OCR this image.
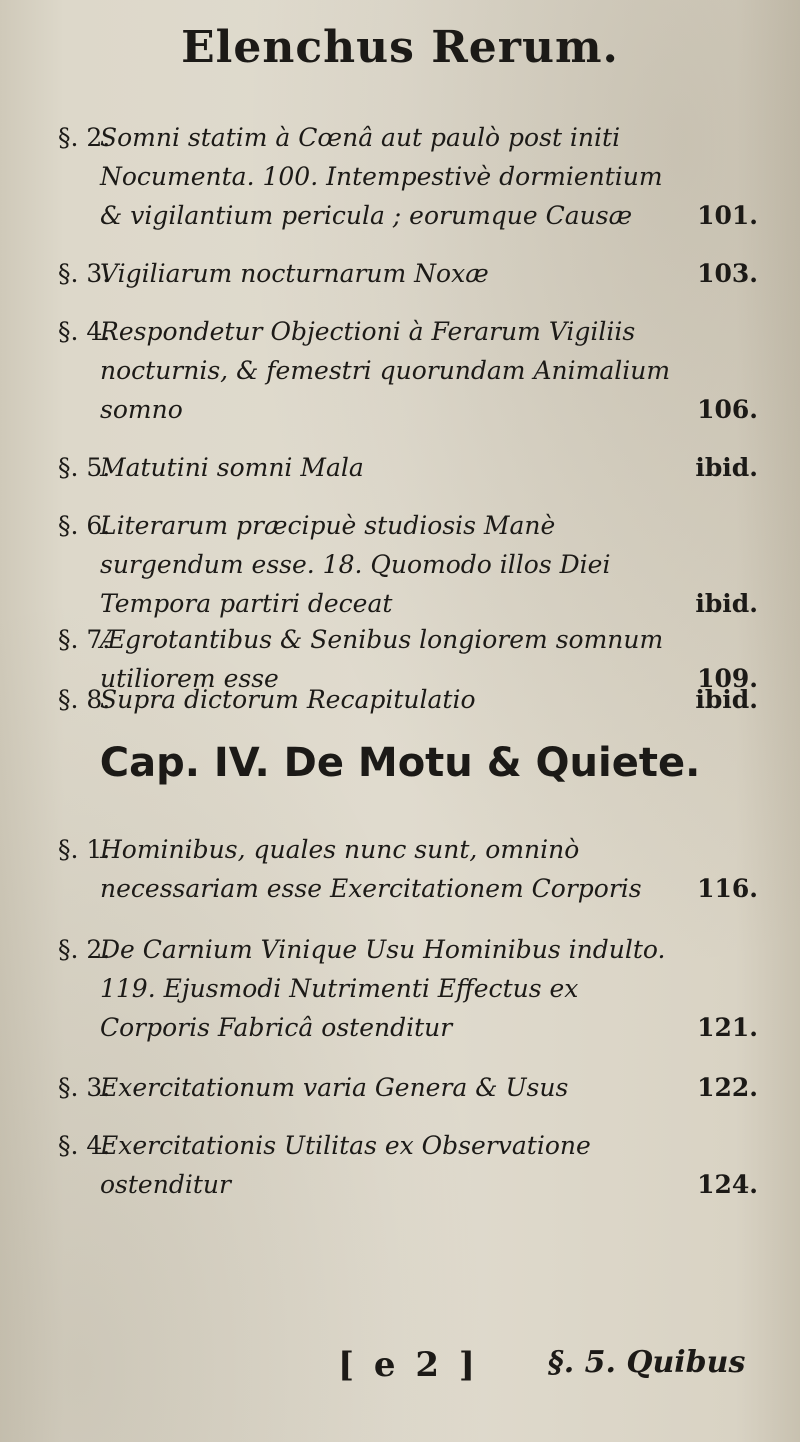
Elenchus Rerum.
§. 2.
Somni statim à Cœnâ aut paulò post initi Nocumenta. 100. Intempestivè dormientium & vigilantium pericula ; eorumque Causæ	101.
§. 3.
Vigiliarum nocturnarum Noxæ	103.
§. 4.
Respondetur Objectioni à Ferarum Vigiliis nocturnis, & femestri quorundam Animalium somno	106.
§. 5.
Matutini somni Mala	ibid.
§. 6.
Literarum præcipuè studiosis Manè surgendum esse. 18. Quomodo illos Diei Tempora partiri deceat	ibid.
§. 7.
Ægrotantibus & Senibus longiorem somnum utiliorem esse	109.
§. 8.
Supra dictorum Recapitulatio	ibid.
Cap. IV. De Motu & Quiete.
§. 1.
Hominibus, quales nunc sunt, omninò necessariam esse Exercitationem Corporis	116.
§. 2.
De Carnium Vinique Usu Hominibus indulto. 119. Ejusmodi Nutrimenti Effectus ex Corporis Fabricâ ostenditur	121.
§. 3.
Exercitationum varia Genera & Usus	122.
§. 4.
Exercitationis Utilitas ex Observatione ostenditur	124.
[ e 2 ] §. 5. Quibus
